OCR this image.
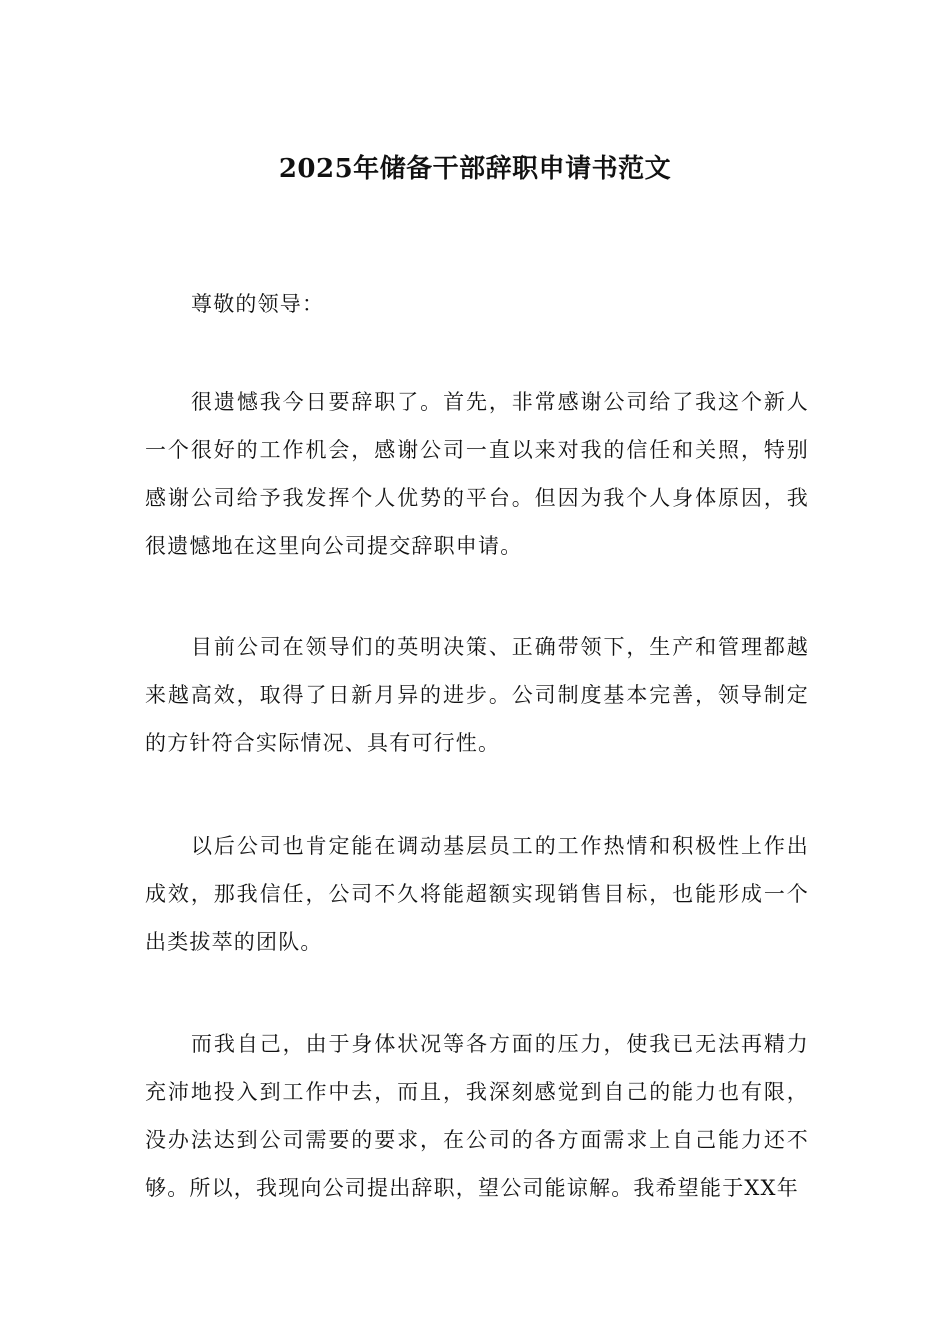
2025年储备干部辞职申请书范文

尊敬的领导：

很遗憾我今日要辞职了。首先，非常感谢公司给了我这个新人一个很好的工作机会，感谢公司一直以来对我的信任和关照，特别感谢公司给予我发挥个人优势的平台。但因为我个人身体原因，我很遗憾地在这里向公司提交辞职申请。

目前公司在领导们的英明决策、正确带领下，生产和管理都越来越高效，取得了日新月异的进步。公司制度基本完善，领导制定的方针符合实际情况、具有可行性。

以后公司也肯定能在调动基层员工的工作热情和积极性上作出成效，那我信任，公司不久将能超额实现销售目标，也能形成一个出类拔萃的团队。

而我自己，由于身体状况等各方面的压力，使我已无法再精力充沛地投入到工作中去，而且，我深刻感觉到自己的能力也有限，没办法达到公司需要的要求，在公司的各方面需求上自己能力还不够。所以，我现向公司提出辞职，望公司能谅解。我希望能于XX年
